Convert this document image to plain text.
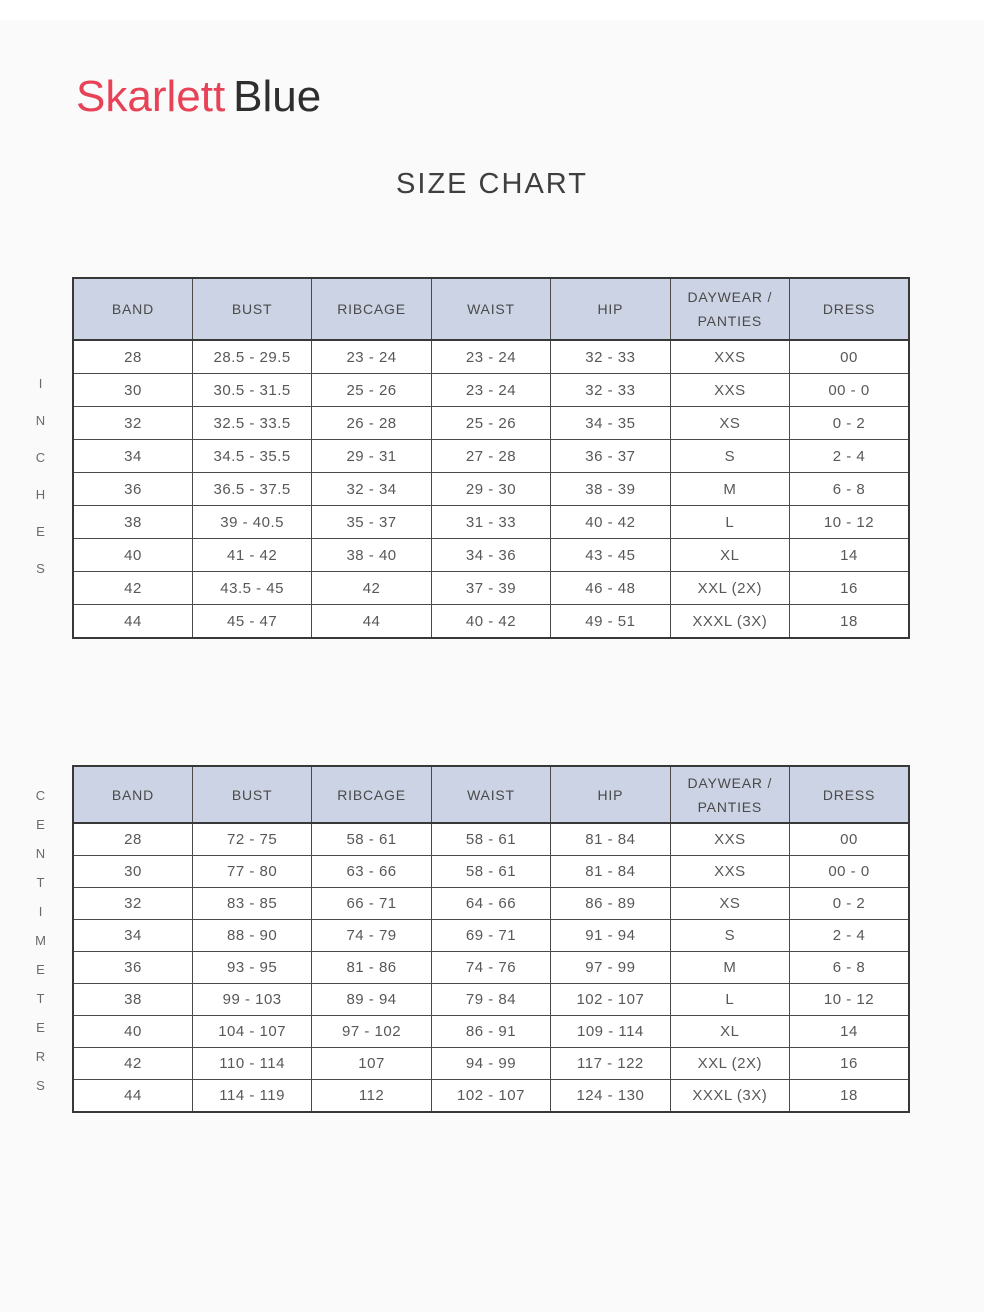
Skarlett Blue
SIZE CHART
INCHES
BAND	BUST	RIBCAGE	WAIST	HIP	DAYWEAR /
PANTIES	DRESS

28	28.5 - 29.5	23 - 24	23 - 24	32 - 33	XXS	00
30	30.5 - 31.5	25 - 26	23 - 24	32 - 33	XXS	00 - 0
32	32.5 - 33.5	26 - 28	25 - 26	34 - 35	XS	0 - 2
34	34.5 - 35.5	29 - 31	27 - 28	36 - 37	S	2 - 4
36	36.5 - 37.5	32 - 34	29 - 30	38 - 39	M	6 - 8
38	39 - 40.5	35 - 37	31 - 33	40 - 42	L	10 - 12
40	41 - 42	38 - 40	34 - 36	43 - 45	XL	14
42	43.5 - 45	42	37 - 39	46 - 48	XXL (2X)	16
44	45 - 47	44	40 - 42	49 - 51	XXXL (3X)	18
CENTIMETERS	BAND	BUST	RIBCAGE	WAIST	HIP	DAYWEAR /
PANTIES	DRESS

28	72 - 75	58 - 61	58 - 61	81 - 84	XXS	00
30	77 - 80	63 - 66	58 - 61	81 - 84	XXS	00 - 0
32	83 - 85	66 - 71	64 - 66	86 - 89	XS	0 - 2
34	88 - 90	74 - 79	69 - 71	91 - 94	S	2 - 4
36	93 - 95	81 - 86	74 - 76	97 - 99	M	6 - 8
38	99 - 103	89 - 94	79 - 84	102 - 107	L	10 - 12
40	104 - 107	97 - 102	86 - 91	109 - 114	XL	14
42	110 - 114	107	94 - 99	117 - 122	XXL (2X)	16
44	114 - 119	112	102 - 107	124 - 130	XXXL (3X)	18
